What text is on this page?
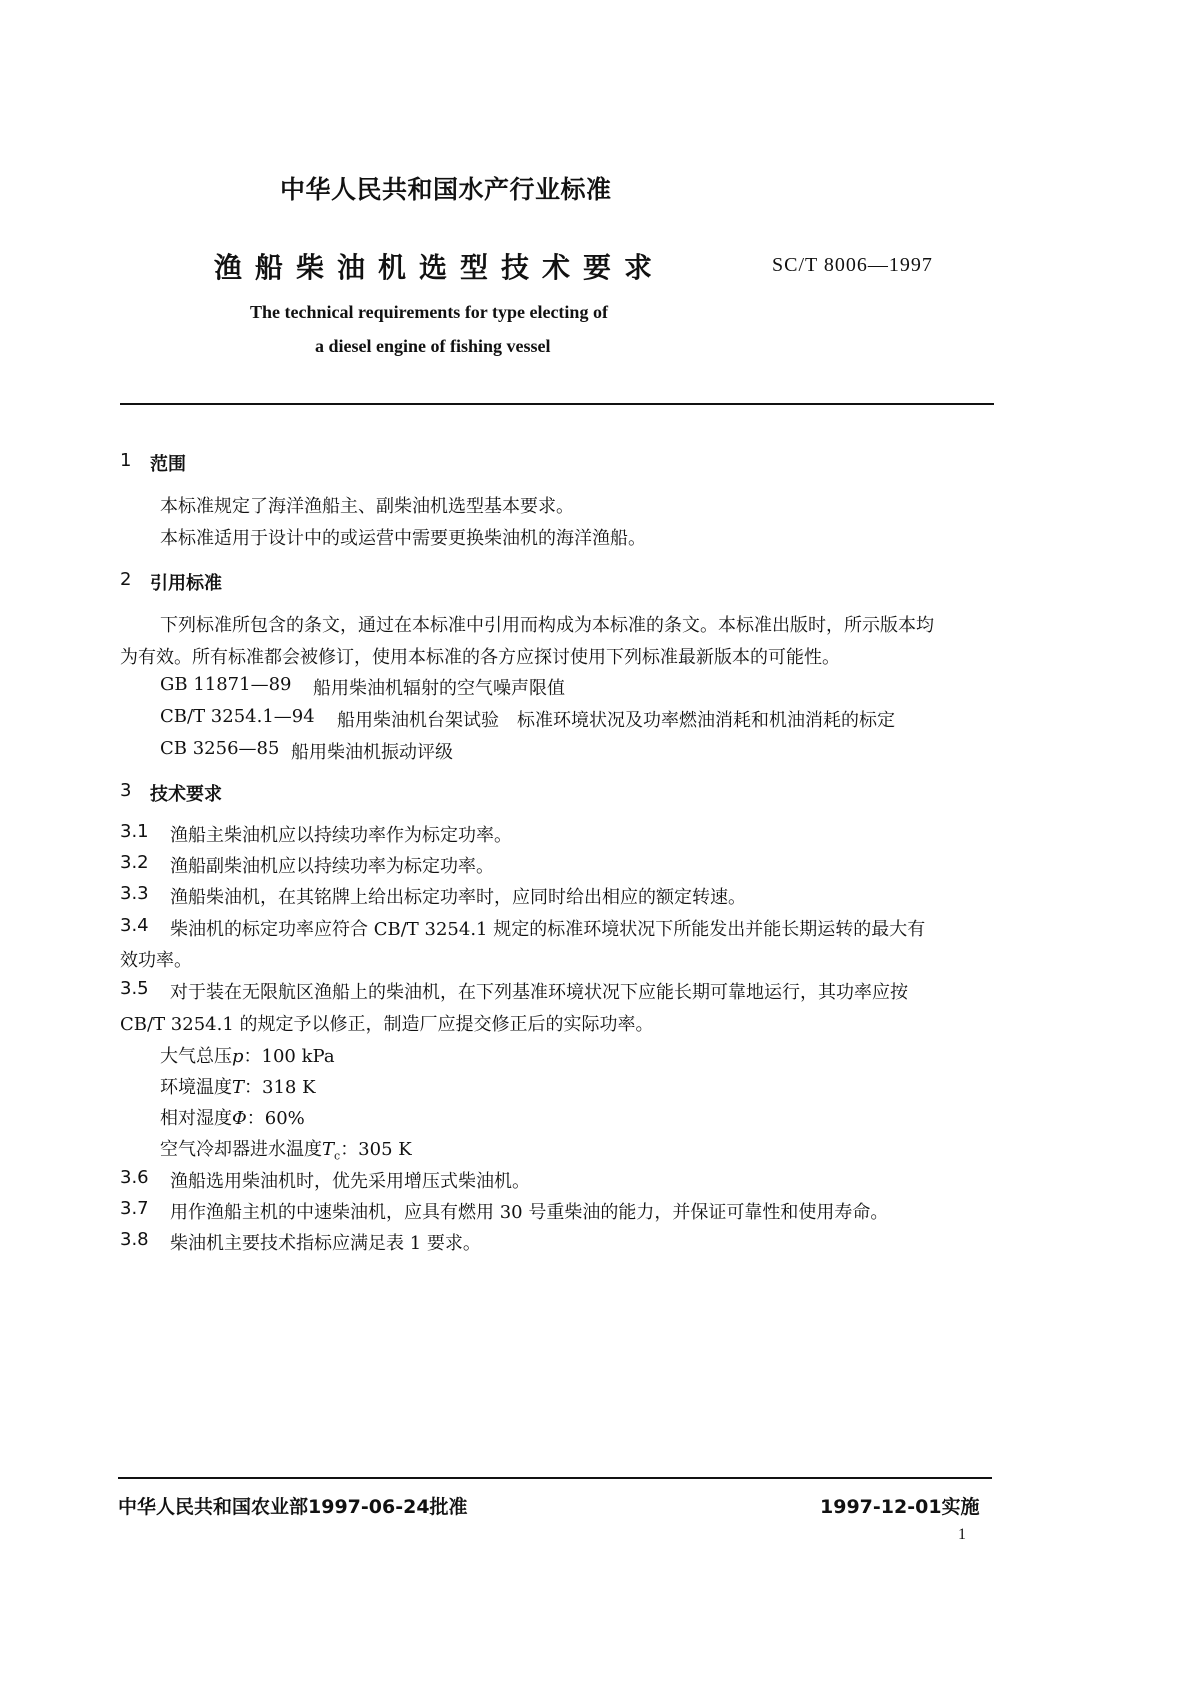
中华人民共和国水产行业标准
渔船柴油机选型技术要求	SC/T 8006—1997
The technical requirements for type electing of
a diesel engine of fishing vessel
1 范围
本标准规定了海洋渔船主、副柴油机选型基本要求。
本标准适用于设计中的或运营中需要更换柴油机的海洋渔船。
2 引用标准
下列标准所包含的条文，通过在本标准中引用而构成为本标准的条文。本标准出版时，所示版本均
为有效。所有标准都会被修订，使用本标准的各方应探讨使用下列标准最新版本的可能性。
GB 11871—89 船用柴油机辐射的空气噪声限值
CB/T 3254.1—94 船用柴油机台架试验　标准环境状况及功率燃油消耗和机油消耗的标定
CB 3256—85 船用柴油机振动评级
3 技术要求
3.1 渔船主柴油机应以持续功率作为标定功率。
3.2 渔船副柴油机应以持续功率为标定功率。
3.3 渔船柴油机，在其铭牌上给出标定功率时，应同时给出相应的额定转速。
3.4 柴油机的标定功率应符合 CB/T 3254.1 规定的标准环境状况下所能发出并能长期运转的最大有
效功率。
3.5 对于装在无限航区渔船上的柴油机，在下列基准环境状况下应能长期可靠地运行，其功率应按
CB/T 3254.1 的规定予以修正，制造厂应提交修正后的实际功率。
大气总压p：100 kPa
环境温度T：318 K
相对湿度Φ：60%
空气冷却器进水温度$T_c$：305 K
3.6 渔船选用柴油机时，优先采用增压式柴油机。
3.7 用作渔船主机的中速柴油机，应具有燃用 30 号重柴油的能力，并保证可靠性和使用寿命。
3.8 柴油机主要技术指标应满足表 1 要求。
中华人民共和国农业部1997-06-24批准	1997-12-01实施
1
